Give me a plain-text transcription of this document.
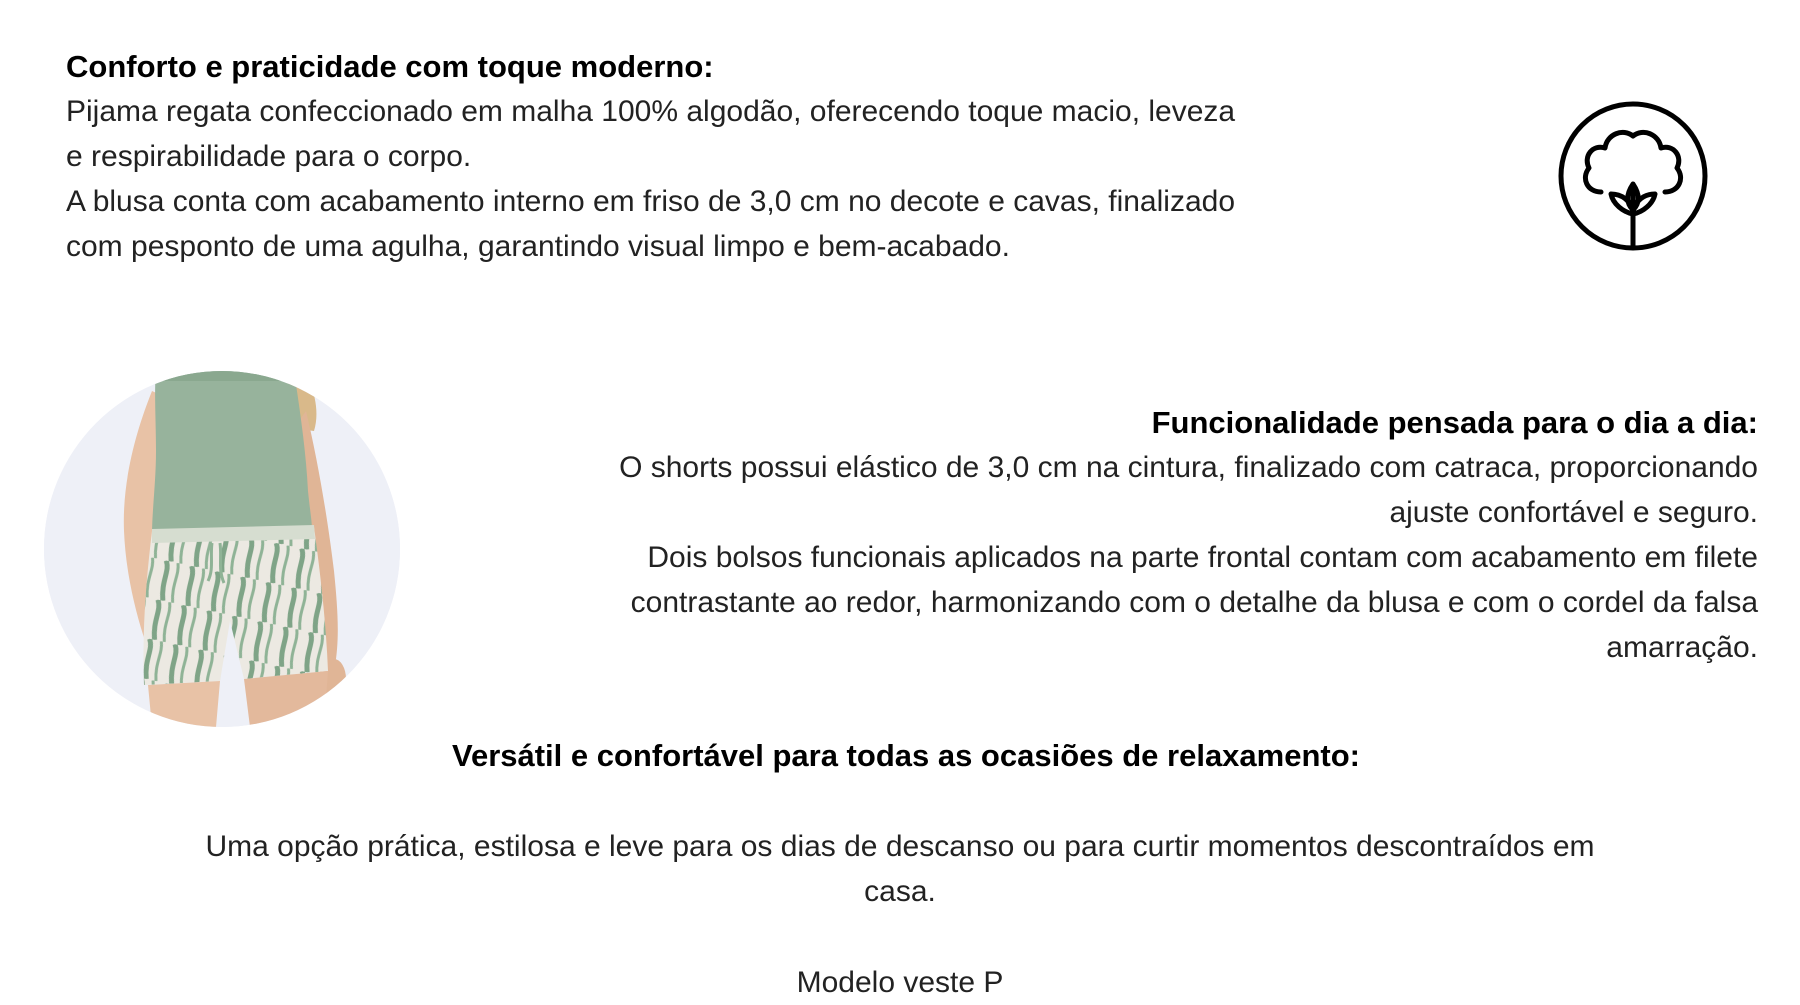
Conforto e praticidade com toque moderno:

Pijama regata confeccionado em malha 100% algodão, oferecendo toque macio, leveza
e respirabilidade para o corpo.
A blusa conta com acabamento interno em friso de 3,0 cm no decote e cavas, finalizado
com pesponto de uma agulha, garantindo visual limpo e bem-acabado.

Funcionalidade pensada para o dia a dia:

O shorts possui elástico de 3,0 cm na cintura, finalizado com catraca, proporcionando
ajuste confortável e seguro.
Dois bolsos funcionais aplicados na parte frontal contam com acabamento em filete
contrastante ao redor, harmonizando com o detalhe da blusa e com o cordel da falsa
amarração.

Versátil e confortável para todas as ocasiões de relaxamento:

Uma opção prática, estilosa e leve para os dias de descanso ou para curtir momentos descontraídos em
casa.

Modelo veste P
